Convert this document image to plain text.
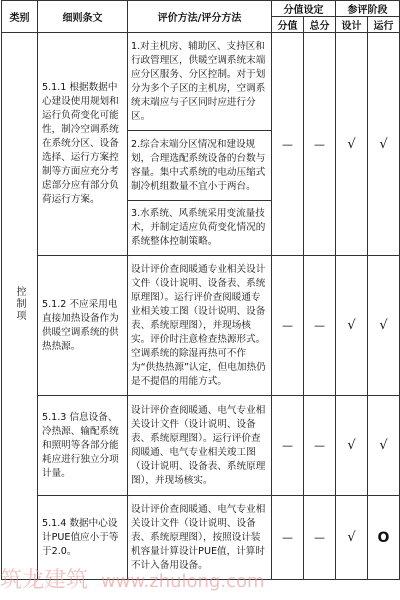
类别	细则条文	评价方法/评分方法	分值设定		参评阶段	
			分值	总分	设计	运行
控制项	5.1.1 根据数据中心建设使用规划和运行负荷变化可能性，制冷空调系统在系统分区、设备选择、运行方案控制等方面应充分考虑部分应有部分负荷运行方案。	1.对主机房、辅助区、支持区和行政管理区，供暖空调系统末端应分区服务、分区控制。对于划分为多个子区的主机房，空调系统末端应与子区同时应进行分区。	—	—	√	√
		2.综合末端分区情况和建设规划，合理选配系统设备的台数与容量。集中式系统的电动压缩式制冷机组数量不宜小于两台。				
		3.水系统、风系统采用变流量技术，并制定适应负荷变化情况的系统整体控制策略。				
	5.1.2 不应采用电直接加热设备作为供暖空调系统的供热热源。	设计评价查阅暖通专业相关设计文件（设计说明、设备表、系统原理图）。运行评价查阅暖通专业相关竣工图（设计说明、设备表、系统原理图），并现场核实。评价时注意检查热源形式。空调系统的除湿再热可不作为“供热热源”认定，但电加热仍是不提倡的用能方式。	—	—	√	√
	5.1.3 信息设备、冷热源、输配系统和照明等各部分能耗应进行独立分项计量。	设计评价查阅暖通、电气专业相关设计文件（设计说明、设备表、系统原理图）。运行评价查阅暖通、电气专业相关竣工图（设计说明、设备表、系统原理图），并现场核实。	—	—	√	√
	5.1.4 数据中心设计PUE值应小于等于2.0。	设计评价查阅暖通、电气专业相关设计文件（设计说明、设备表、系统原理图），按照设计装机容量计算设计PUE值，计算时不计入备用设备。	—	—	√	O
筑龙建筑 www.zhulong.com
